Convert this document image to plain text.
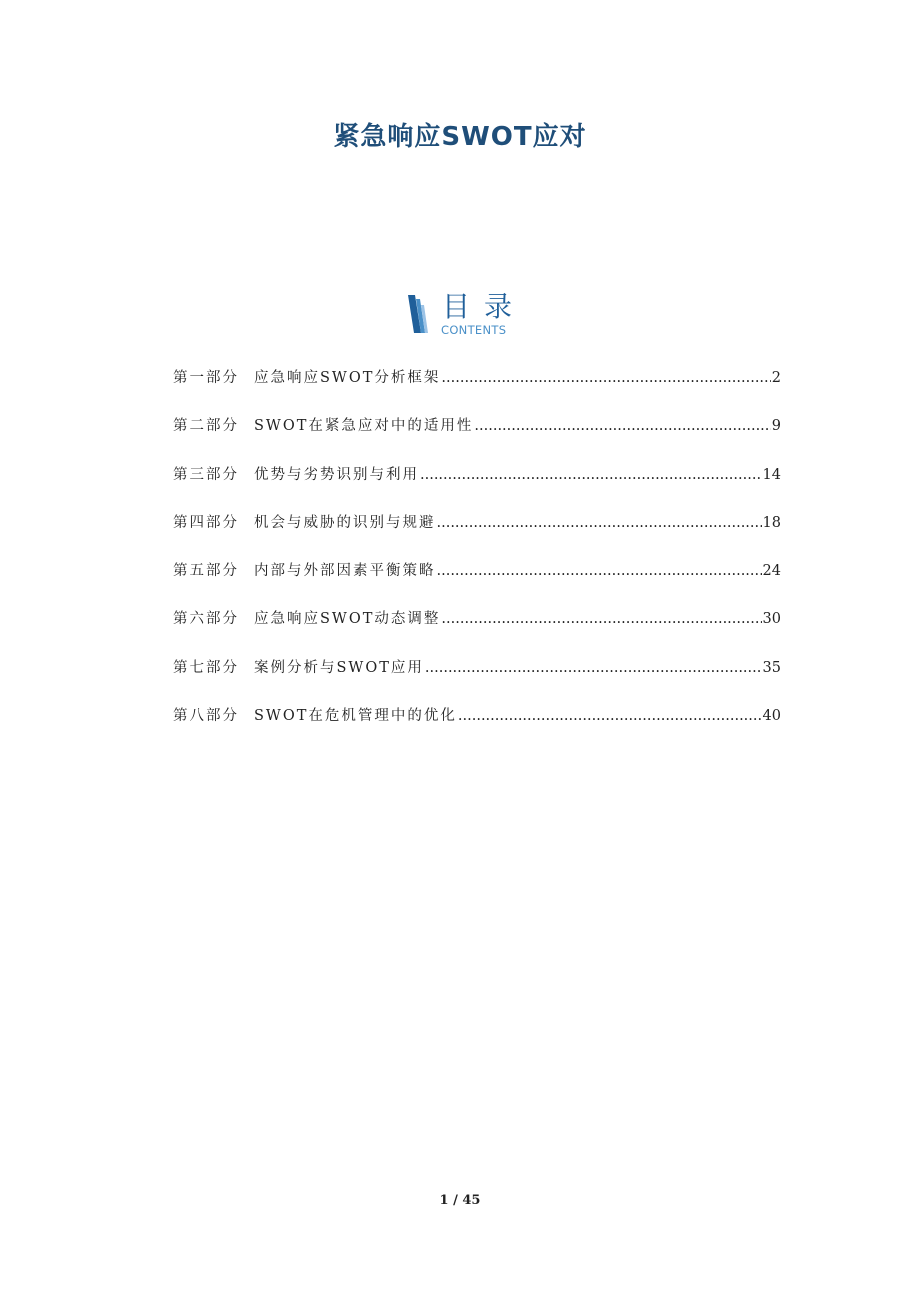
紧急响应SWOT应对
目录
CONTENTS
第一部分	应急响应SWOT分析框架 .....	2
第二部分	SWOT在紧急应对中的适用性 .....	9
第三部分	优势与劣势识别与利用 .....	14
第四部分	机会与威胁的识别与规避 .....	18
第五部分	内部与外部因素平衡策略 .....	24
第六部分	应急响应SWOT动态调整 .....	30
第七部分	案例分析与SWOT应用 .....	35
第八部分	SWOT在危机管理中的优化 .....	40
1 / 45
